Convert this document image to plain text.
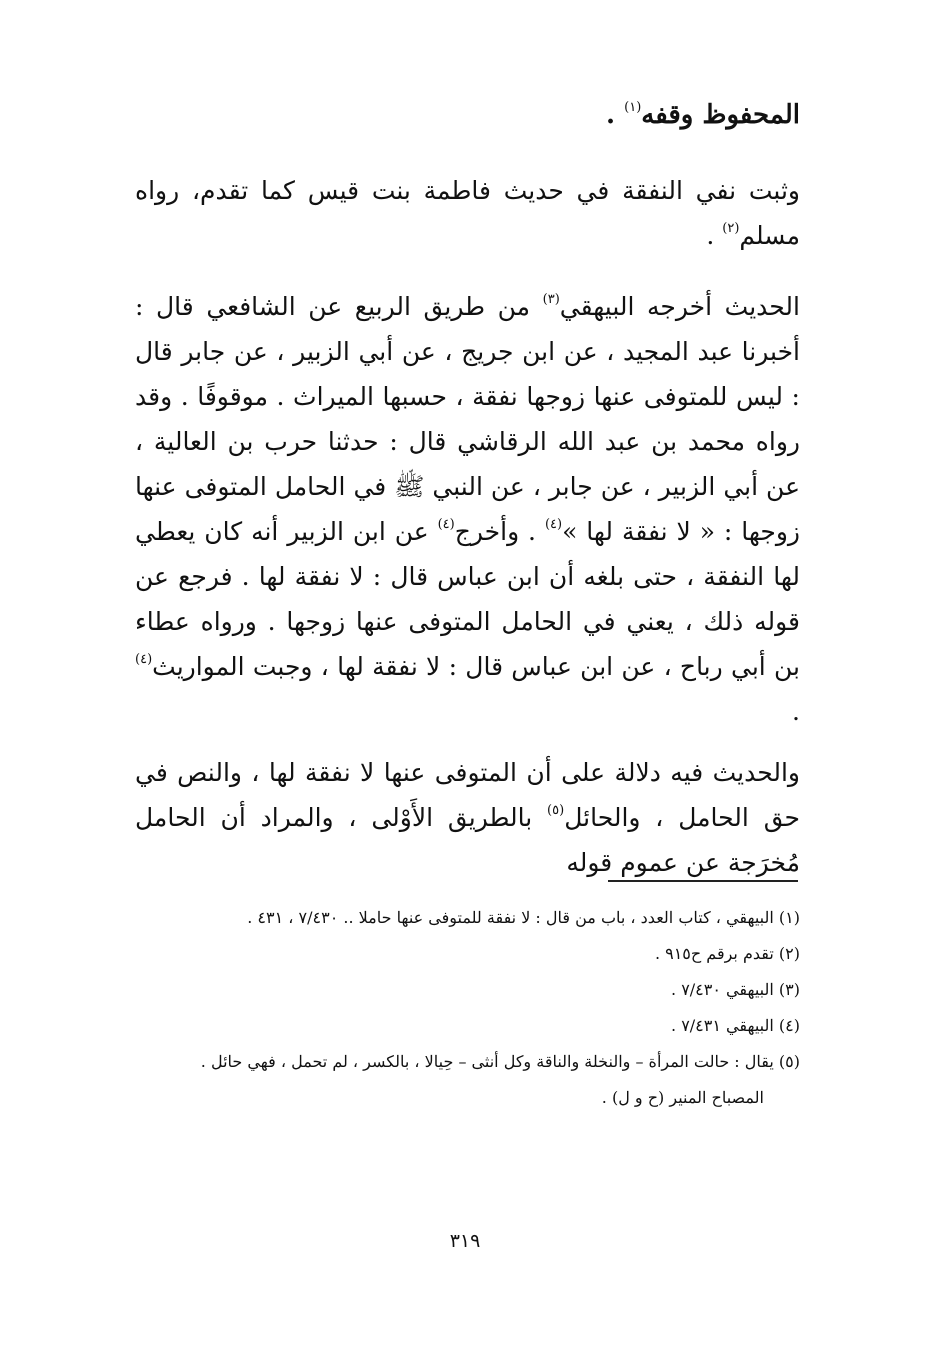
المحفوظ وقفه$^{(١)}$ .
وثبت نفي النفقة في حديث فاطمة بنت قيس كما تقدم، رواه مسلم$^{(٢)}$ .
الحديث أخرجه البيهقي$^{(٣)}$ من طريق الربيع عن الشافعي قال : أخبرنا عبد المجيد ، عن ابن جريج ، عن أبي الزبير ، عن جابر قال : ليس للمتوفى عنها زوجها نفقة ، حسبها الميراث . موقوفًا . وقد رواه محمد بن عبد الله الرقاشي قال : حدثنا حرب بن العالية ، عن أبي الزبير ، عن جابر ، عن النبي ﷺ في الحامل المتوفى عنها زوجها : « لا نفقة لها »$^{(٤)}$ . وأخرج$^{(٤)}$ عن ابن الزبير أنه كان يعطي لها النفقة ، حتى بلغه أن ابن عباس قال : لا نفقة لها . فرجع عن قوله ذلك ، يعني في الحامل المتوفى عنها زوجها . ورواه عطاء بن أبي رباح ، عن ابن عباس قال : لا نفقة لها ، وجبت المواريث$^{(٤)}$ .
والحديث فيه دلالة على أن المتوفى عنها لا نفقة لها ، والنص في حق الحامل ، والحائل$^{(٥)}$ بالطريق الأَوْلى ، والمراد أن الحامل مُخرَجة عن عموم قوله
(١) البيهقي ، كتاب العدد ، باب من قال : لا نفقة للمتوفى عنها حاملا .. ٧/٤٣٠ ، ٤٣١ .
(٢) تقدم برقم ح٩١٥ .
(٣) البيهقي ٧/٤٣٠ .
(٤) البيهقي ٧/٤٣١ .
(٥) يقال : حالت المرأة – والنخلة والناقة وكل أنثى – حِيالا ، بالكسر ، لم تحمل ، فهي حائل .
المصباح المنير (ح و ل) .
٣١٩
